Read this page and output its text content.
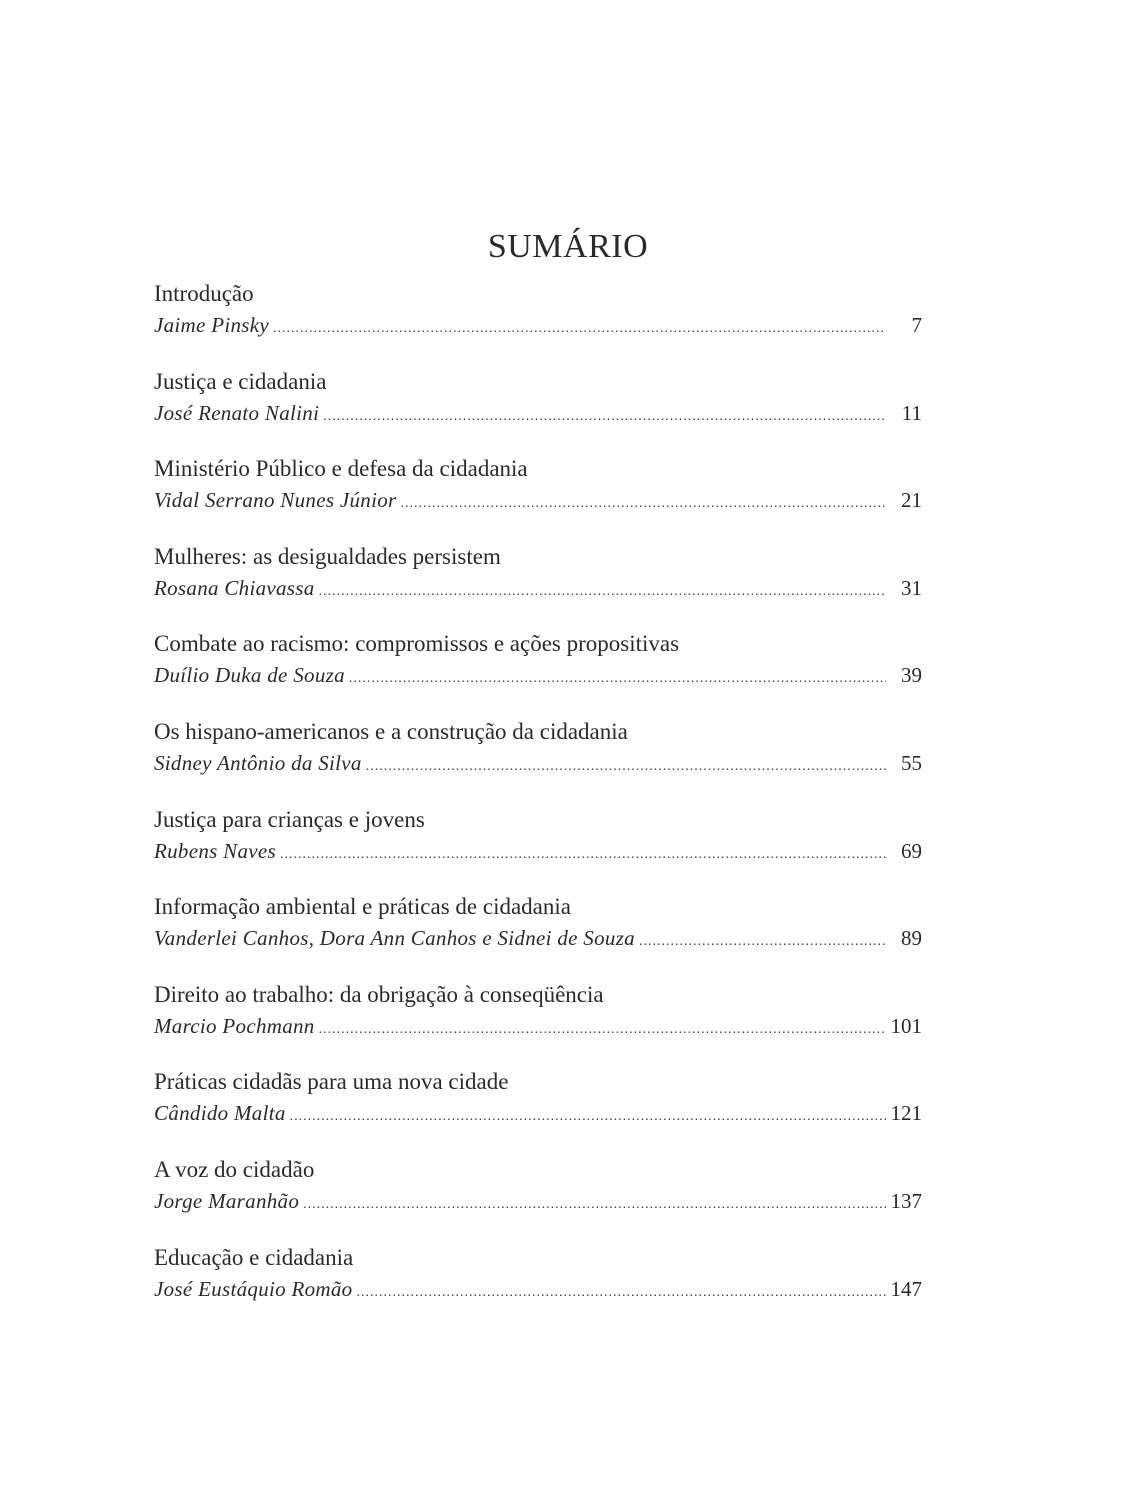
SUMÁRIO
Introdução
Jaime Pinsky .....	7
Justiça e cidadania
José Renato Nalini .....	11
Ministério Público e defesa da cidadania
Vidal Serrano Nunes Júnior .....	21
Mulheres: as desigualdades persistem
Rosana Chiavassa .....	31
Combate ao racismo: compromissos e ações propositivas
Duílio Duka de Souza .....	39
Os hispano-americanos e a construção da cidadania
Sidney Antônio da Silva .....	55
Justiça para crianças e jovens
Rubens Naves .....	69
Informação ambiental e práticas de cidadania
Vanderlei Canhos, Dora Ann Canhos e Sidnei de Souza .....	89
Direito ao trabalho: da obrigação à conseqüência
Marcio Pochmann .....	101
Práticas cidadãs para uma nova cidade
Cândido Malta .....	121
A voz do cidadão
Jorge Maranhão .....	137
Educação e cidadania
José Eustáquio Romão .....	147
